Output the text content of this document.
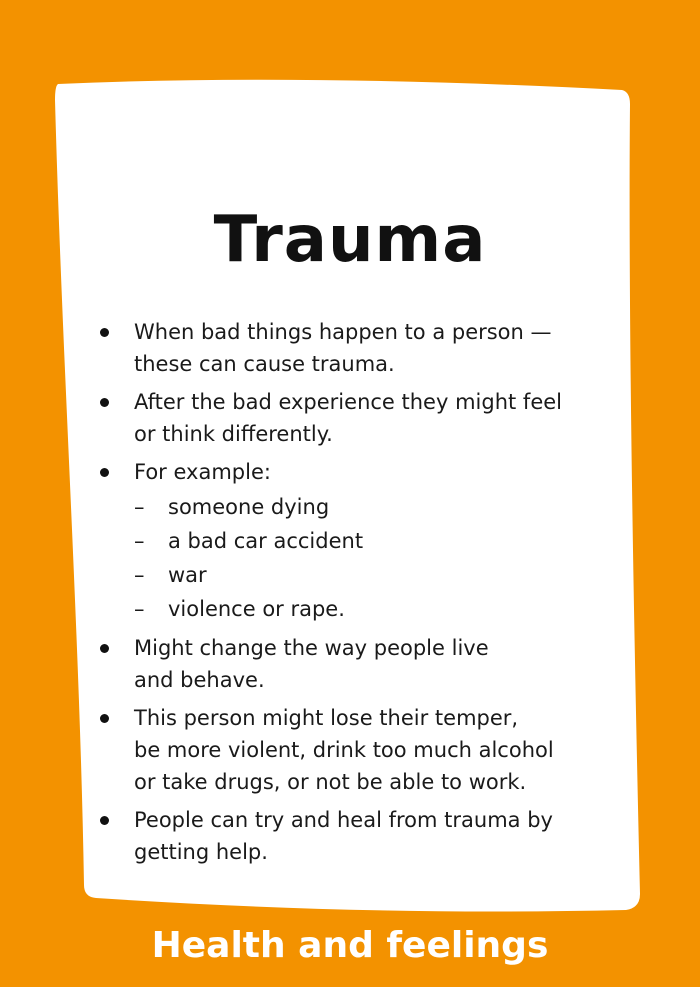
Trauma
When bad things happen to a person —
these can cause trauma.
After the bad experience they might feel
or think differently.
For example:
– someone dying
– a bad car accident
– war
– violence or rape.
Might change the way people live
and behave.
This person might lose their temper,
be more violent, drink too much alcohol
or take drugs, or not be able to work.
People can try and heal from trauma by
getting help.
Health and feelings
